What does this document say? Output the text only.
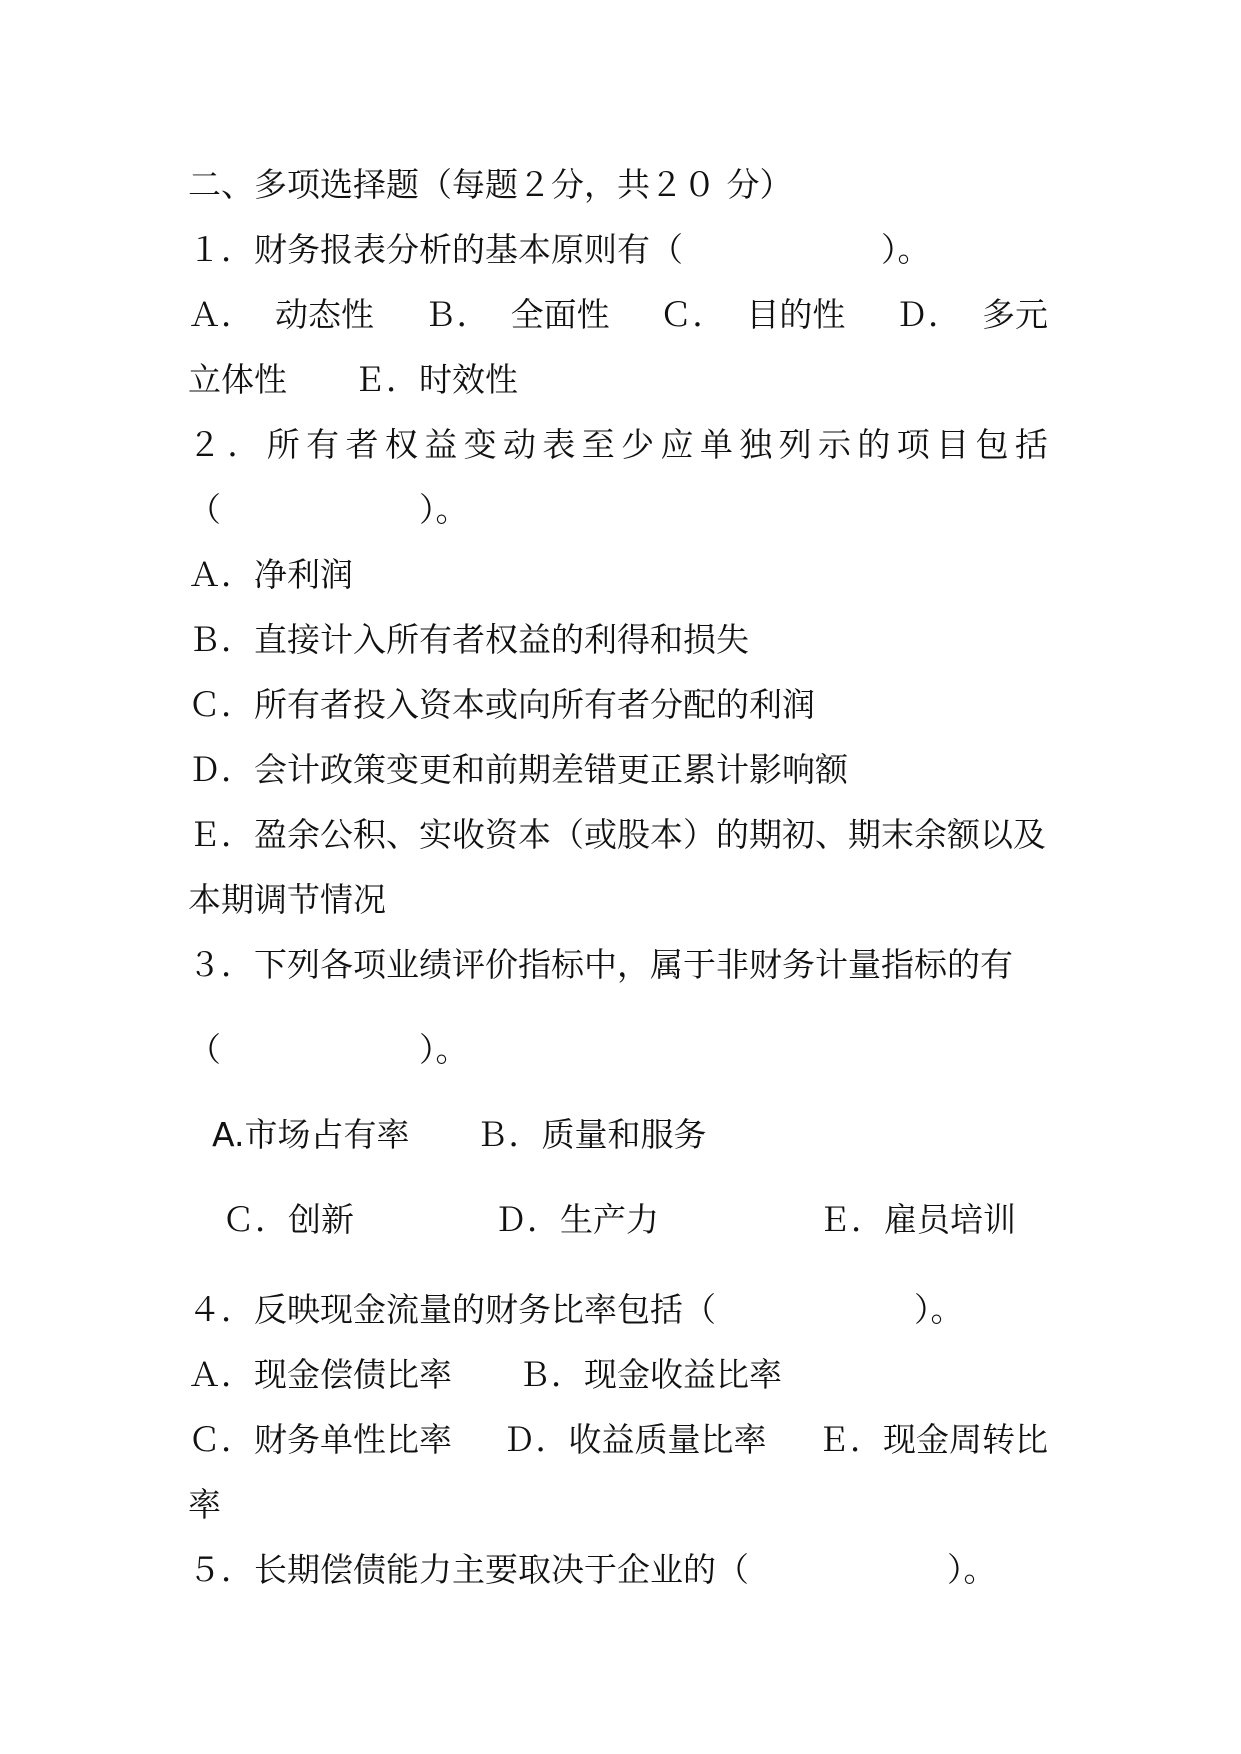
二、多项选择题（每题２分，共２０ 分）
１．财务报表分析的基本原则有（　　　　　　）。
Ａ．  动态性 Ｂ．  全面性 Ｃ．  目的性 Ｄ．  多元
立体性　　Ｅ．时效性
２ ． 所 有 者 权 益 变 动 表 至 少 应 单 独 列 示 的 项 目 包 括
（　　　　　　）。
Ａ．净利润
Ｂ．直接计入所有者权益的利得和损失
Ｃ．所有者投入资本或向所有者分配的利润
Ｄ．会计政策变更和前期差错更正累计影响额
Ｅ．盈余公积、实收资本（或股本）的期初、期末余额以及
本期调节情况
３．下列各项业绩评价指标中，属于非财务计量指标的有
（　　　　　　）。
A.市场占有率　　Ｂ．质量和服务
Ｃ．创新	Ｄ．生产力	Ｅ．雇员培训
４．反映现金流量的财务比率包括（　　　　　　）。
Ａ．现金偿债比率　　Ｂ．现金收益比率
Ｃ．财务单性比率 Ｄ．收益质量比率 Ｅ．现金周转比
率
５．长期偿债能力主要取决于企业的（　　　　　　）。
